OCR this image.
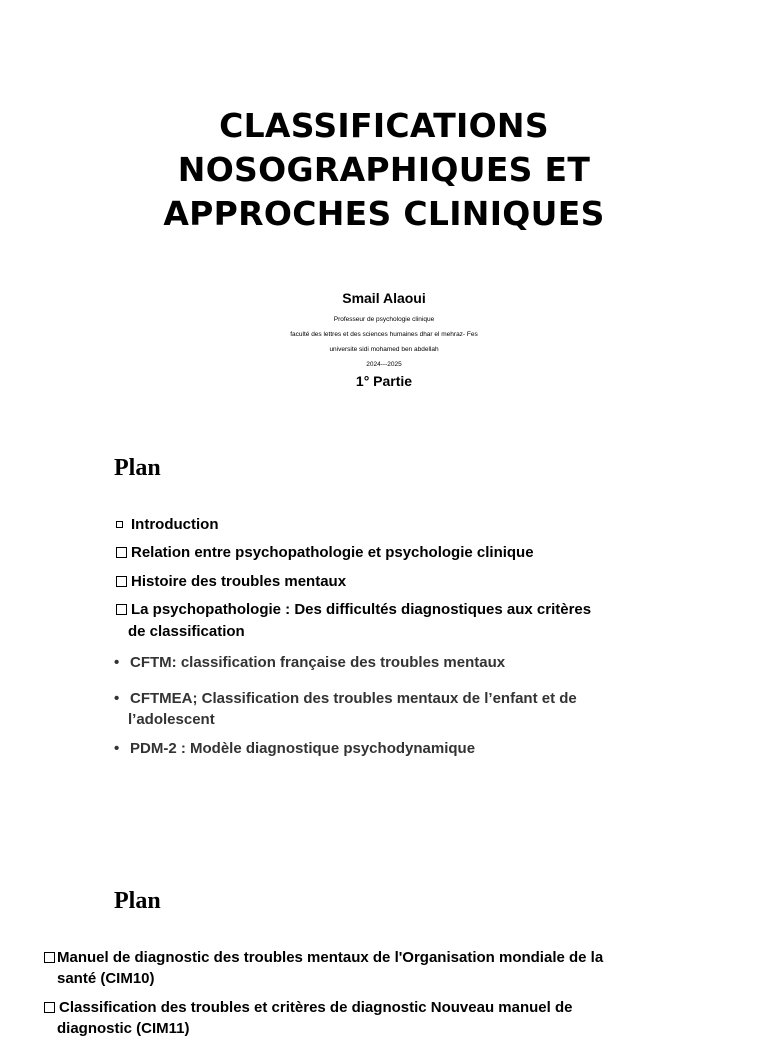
CLASSIFICATIONS
NOSOGRAPHIQUES ET
APPROCHES CLINIQUES
Smail Alaoui
Professeur de psychologie clinique
faculté des lettres et des sciences humaines dhar el mehraz- Fes
universite sidi mohamed ben abdellah
2024---2025
1° Partie
Plan
Introduction
Relation entre psychopathologie et psychologie clinique
Histoire des troubles mentaux
La psychopathologie : Des difficultés diagnostiques aux critères
de classification
• CFTM: classification française des troubles mentaux
• CFTMEA; Classification des troubles mentaux de l’enfant et de
l’adolescent
• PDM-2 : Modèle diagnostique psychodynamique
Plan
Manuel de diagnostic des troubles mentaux de l'Organisation mondiale de la
santé (CIM10)
Classification des troubles et critères de diagnostic Nouveau manuel de
diagnostic (CIM11)
